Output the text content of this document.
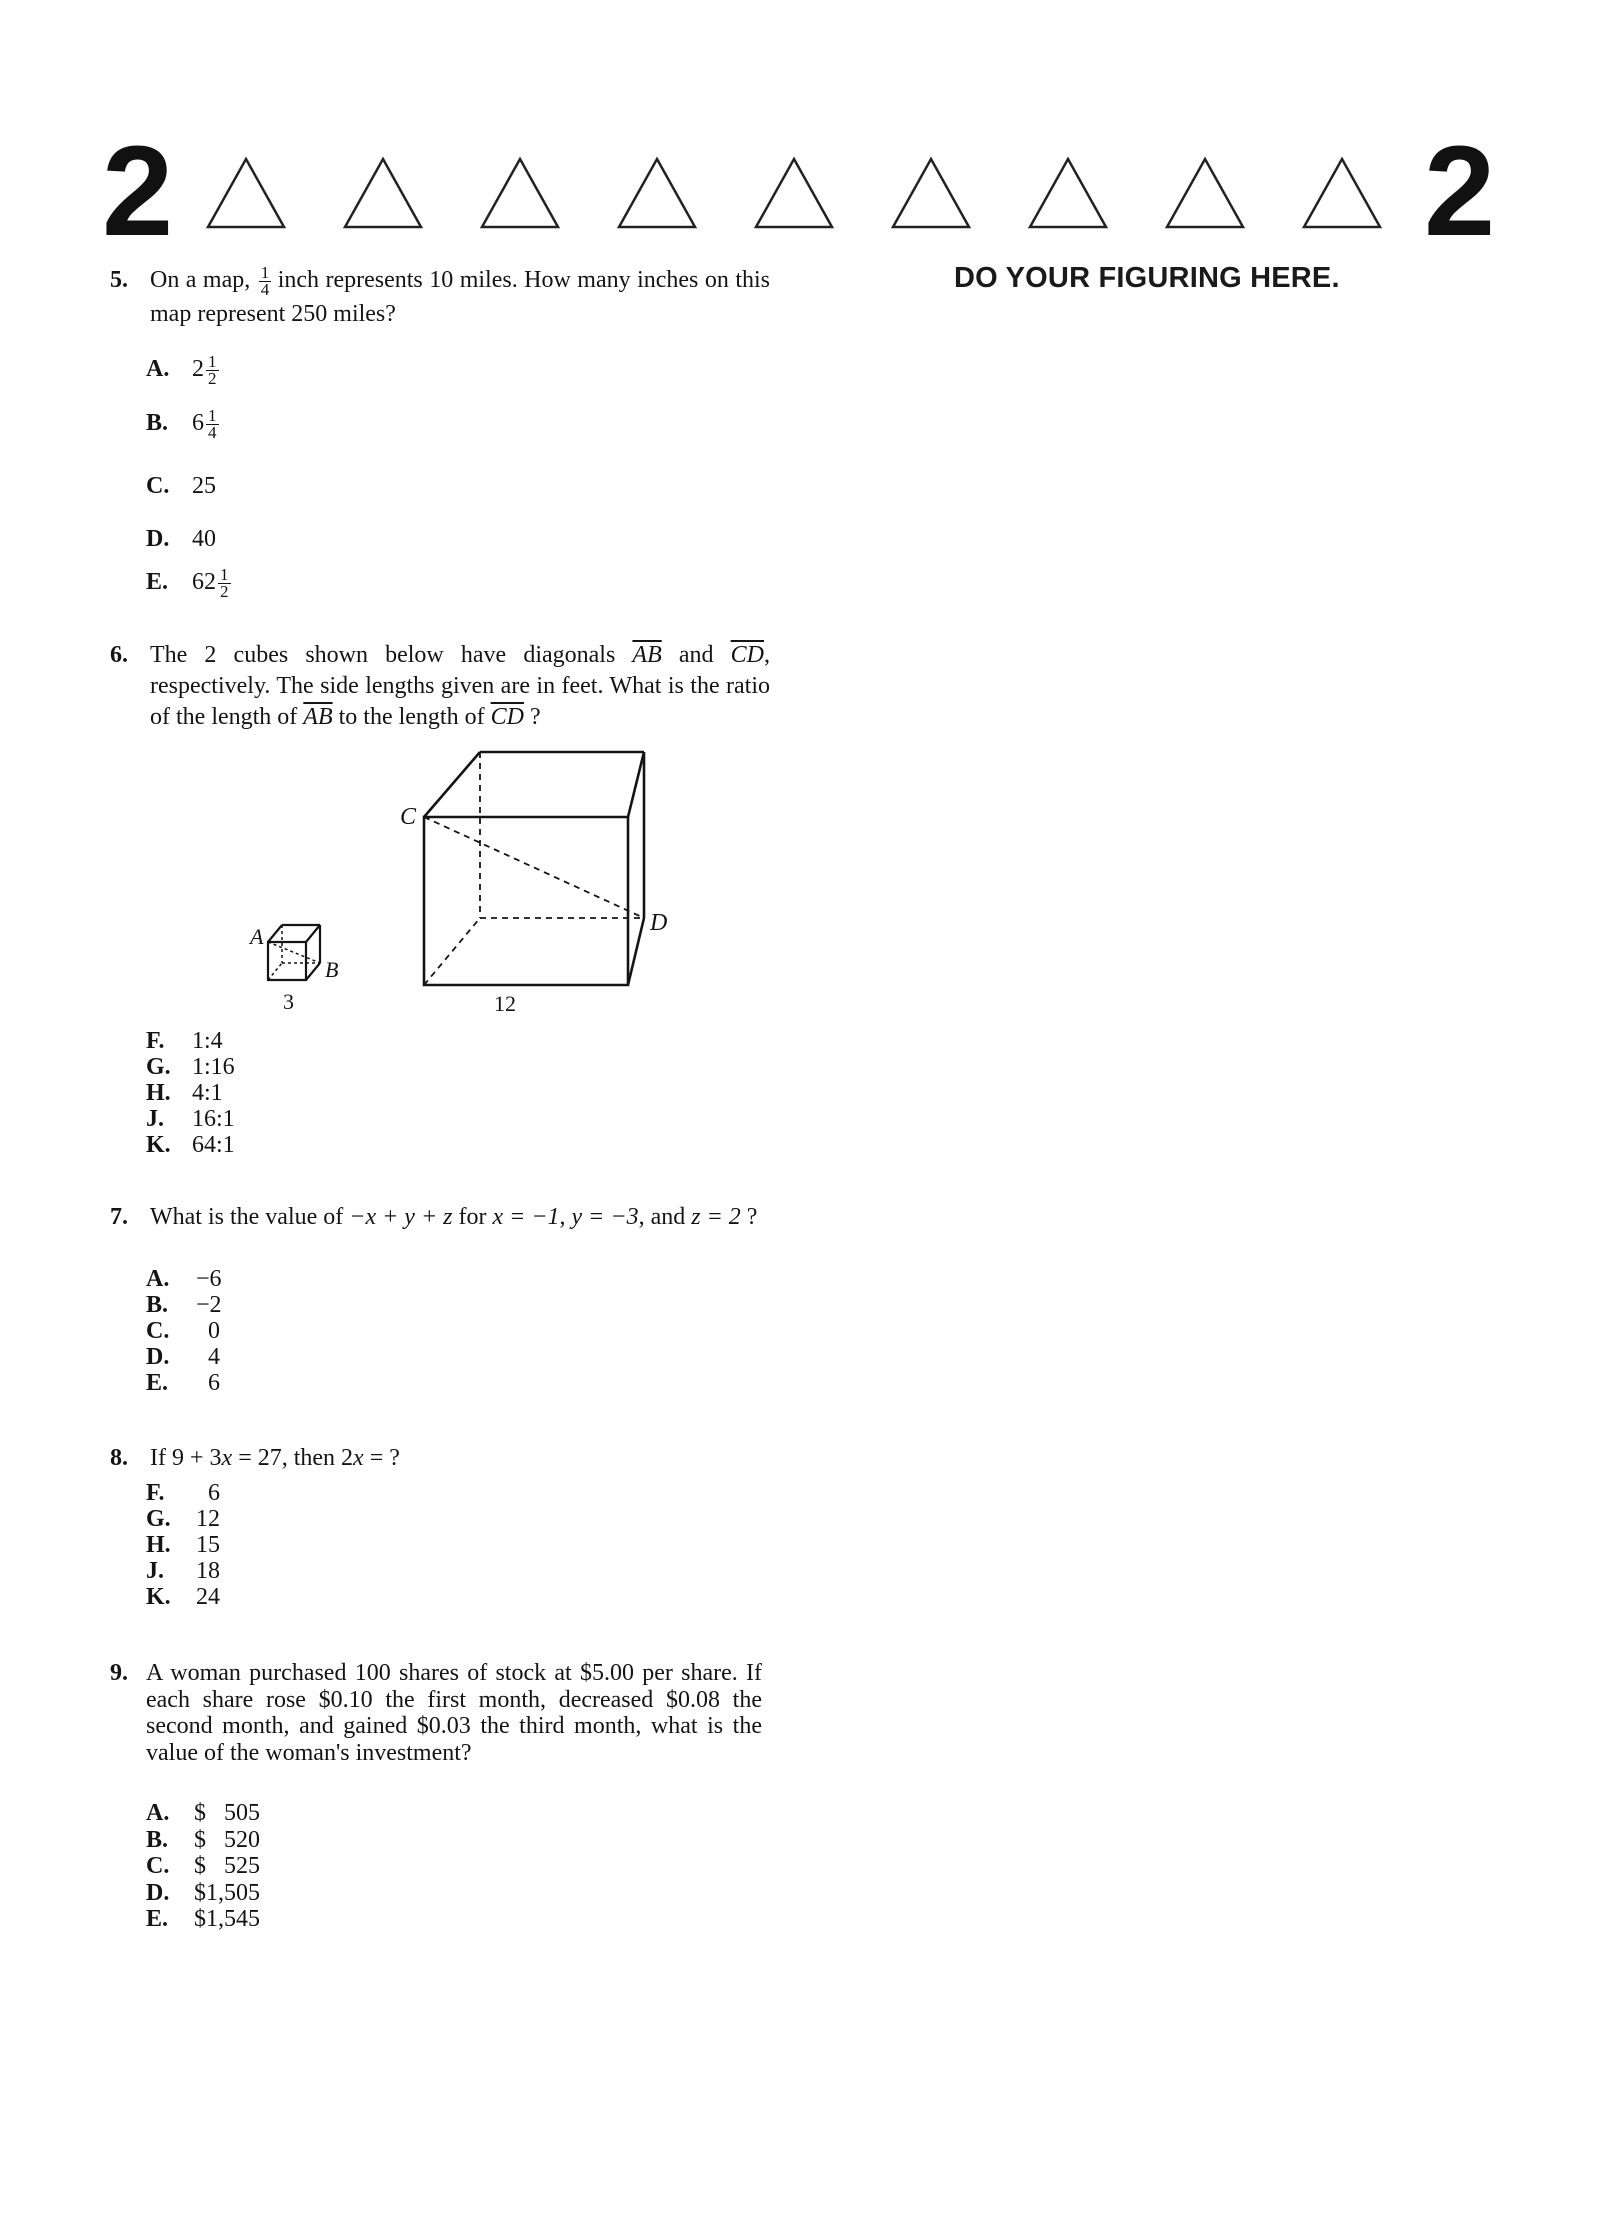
2	2
DO YOUR FIGURING HERE.
5. On a map, $\frac{1}{4}$ inch represents 10 miles. How many inches on this map represent 250 miles?
A. $2 \frac{1}{2}$
B. $6 \frac{1}{4}$
C. 25
D. 40
E. $62 \frac{1}{2}$
6. The 2 cubes shown below have diagonals $\overline{AB}$ and $\overline{CD}$, respectively. The side lengths given are in feet. What is the ratio of the length of $\overline{AB}$ to the length of $\overline{CD}$ ?
A
B
3
C
D
12
F. 1:4
G. 1:16
H. 4:1
J. 16:1
K. 64:1
7. What is the value of −x + y + z for x = −1, y = −3, and z = 2 ?
A. −6
B. −2
C. 0
D. 4
E. 6
8. If 9 + 3x = 27, then 2x = ?
F. 6
G. 12
H. 15
J. 18
K. 24
9. A woman purchased 100 shares of stock at $5.00 per share. If each share rose $0.10 the first month, decreased $0.08 the second month, and gained $0.03 the third month, what is the value of the woman's investment?
A. $   505
B. $   520
C. $   525
D. $1,505
E. $1,545
